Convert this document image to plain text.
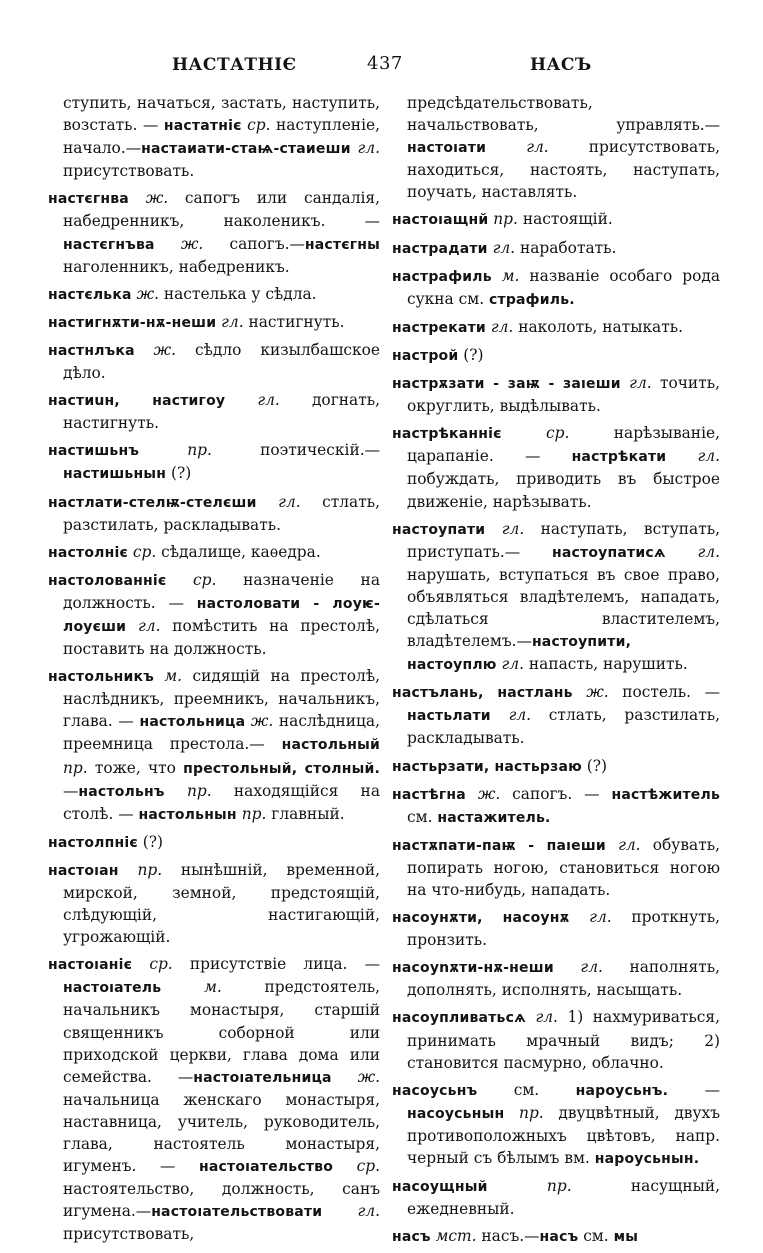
НАСТАТНІЄ	437	НАСЪ

ступить, начаться, застать, наступить, возстать. — настатніє ср. наступленіе, начало.—настаиати-стаѩ-стаиеши гл. присутствовать.

настєгнва ж. сапогъ или сандалія, набедренникъ, наколеникъ. — настєгнъва ж. сапогъ.—настєгны наголенникъ, набедреникъ.

настєлька ж. настелька у сѣдла.

настигнѫти-нѫ-неши гл. настигнуть.

настнлъка ж. сѣдло кизылбашское дѣло.

настиuн, настигоу гл. догнать, настигнуть.

настишьнъ пр. поэтическій.— настишьнын (?)

настлати-стелѭ-стелєши гл. стлать, разстилать, раскладывать.

настолніє ср. сѣдалище, каѳедра.

настолованніє ср. назначеніе на должность. — настоловати - лоуѥ-лоуєши гл. помѣстить на престолѣ, поставить на должность.

настольникъ м. сидящій на престолѣ, наслѣдникъ, преемникъ, начальникъ, глава. — настольница ж. наслѣдница, преемница престола.— настольный пр. тоже, что престольный, столный.—настольнъ пр. находящійся на столѣ. — настольнын пр. главный.

настолпніє (?)

настоıан пр. нынѣшній, временной, мирской, земной, предстоящій, слѣдующій, настигающій, угрожающій.

настоıаніє ср. присутствіе лица. — настоıатель м. предстоятель, начальникъ монастыря, старшій священникъ соборной или приходской церкви, глава дома или семейства. —настоıательница ж. начальница женскаго монастыря, наставница, учитель, руководитель, глава, настоятель монастыря, игуменъ. — настоıательство ср. настоятельство, должность, санъ игумена.—настоıательствовати гл. присутствовать,

предсѣдательствовать, начальствовать, управлять.—настоıати гл. присутствовать, находиться, настоять, наступать, поучать, наставлять.

настоıащнй пр. настоящій.

настрадати гл. наработать.

настрафиль м. названіе особаго рода сукна см. страфиль.

настрекати гл. наколоть, натыкать.

настрой (?)

настрѫзати - заѭ - заıеши гл. точить, округлить, выдѣлывать.

настрѣканніє ср. нарѣзываніе, царапаніе. — настрѣкати гл. побуждать, приводить въ быстрое движеніе, нарѣзывать.

настоупати гл. наступать, вступать, приступать.— настоупатисѧ гл. нарушать, вступаться въ свое право, объявляться владѣтелемъ, нападать, сдѣлаться властителемъ, владѣтелемъ.—настоупити, настоуплю гл. напасть, нарушить.

настълань, настлань ж. постель. — настьлати гл. стлать, разстилать, раскладывать.

настьрзати, настьрзаю (?)

настѣгна ж. сапогъ. — настѣжитель см. настажитель.

настѫпати-паѭ - паıеши гл. обувать, попирать ногою, становиться ногою на что-нибудь, нападать.

насоунѫти, насоунѫ гл. проткнуть, пронзить.

насоуnѫти-нѫ-неши гл. наполнять, дополнять, исполнять, насыщать.

насоупливатьсѧ гл. 1) нахмуриваться, принимать мрачный видъ; 2) становится пасмурно, облачно.

насоусьнъ см. нароусьнъ. — насоусьнын пр. двуцвѣтный, двухъ противоположныхъ цвѣтовъ, напр. черный съ бѣлымъ вм. нароусьнын.

насоущный пр. насущный, ежедневный.

насъ мст. насъ.—насъ см. мы
